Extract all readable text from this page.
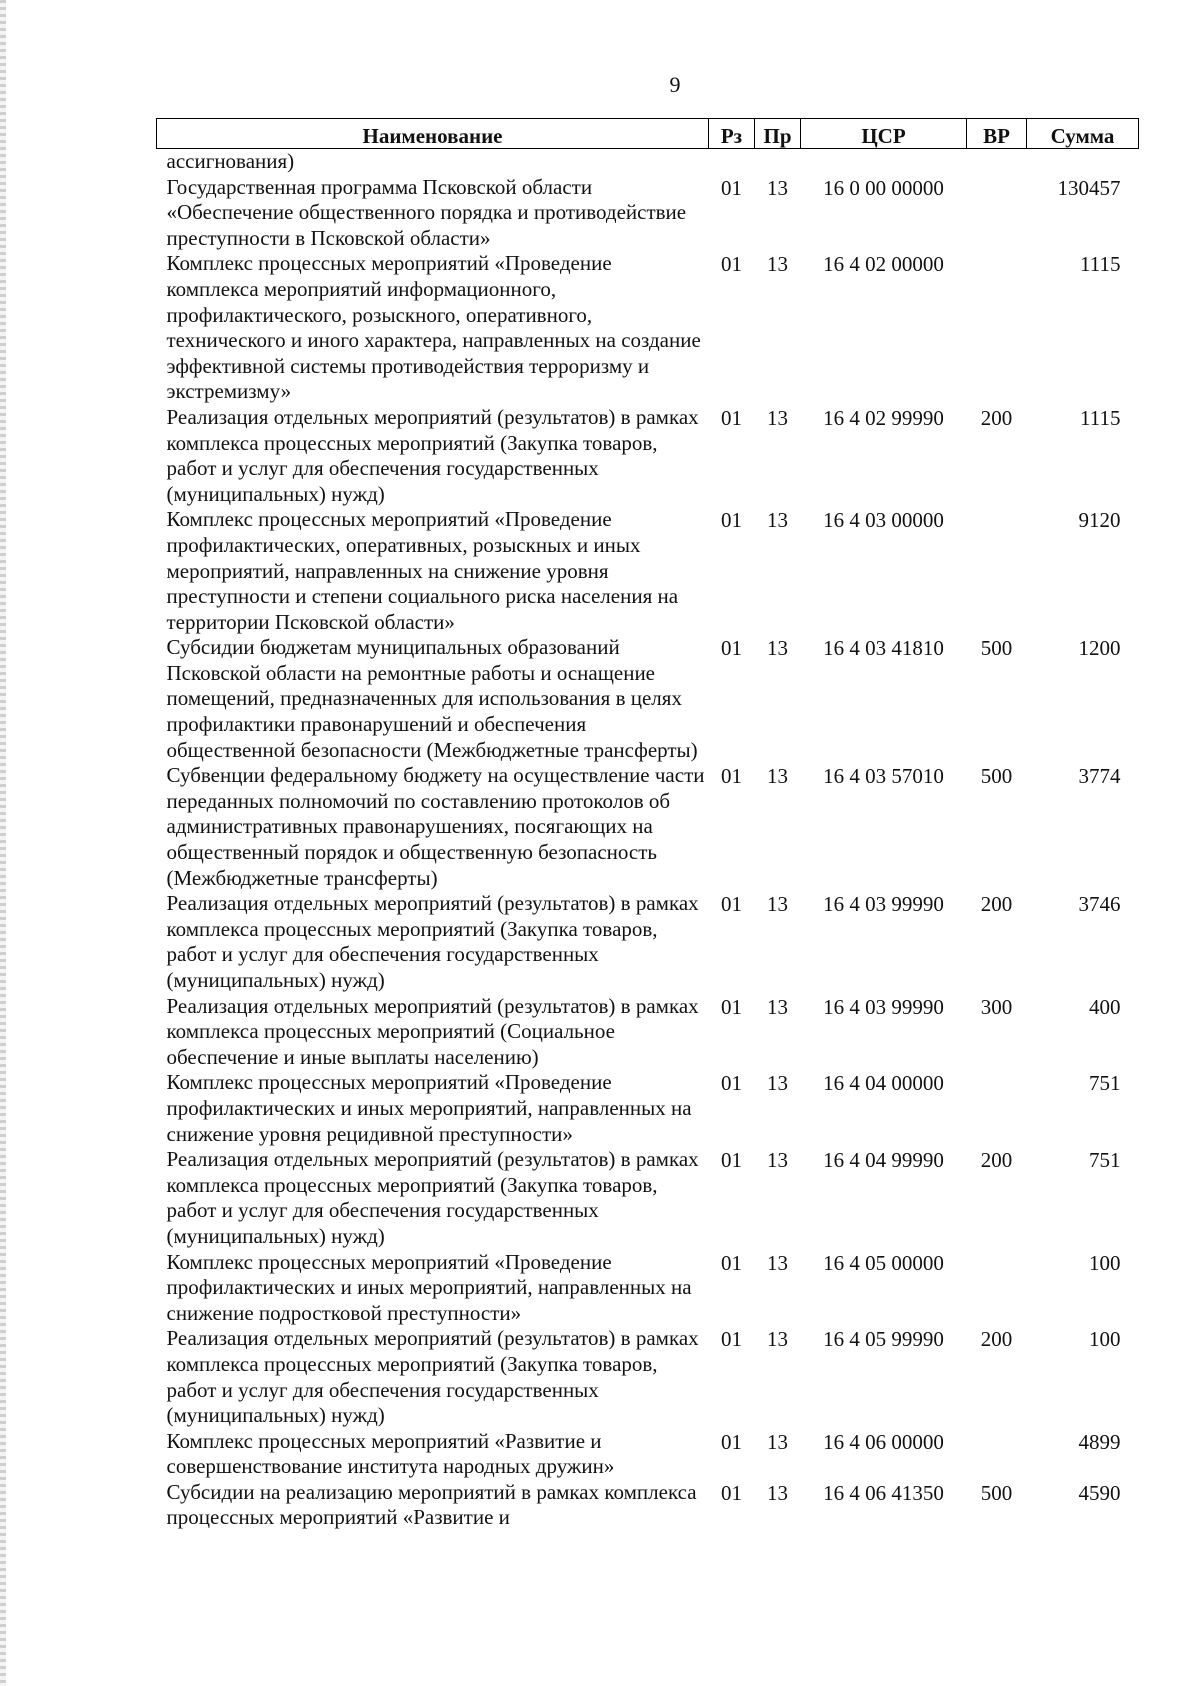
9
Наименование	Рз	Пр	ЦСР	ВР	Сумма
ассигнования)					
Государственная программа Псковской области «Обеспечение общественного порядка и противодействие преступности в Псковской области»	01	13	16 0 00 00000		130457
Комплекс процессных мероприятий «Проведение комплекса мероприятий информационного, профилактического, розыскного, оперативного, технического и иного характера, направленных на создание эффективной системы противодействия терроризму и экстремизму»	01	13	16 4 02 00000		1115
Реализация отдельных мероприятий (результатов) в рамках комплекса процессных мероприятий (Закупка товаров, работ и услуг для обеспечения государственных (муниципальных) нужд)	01	13	16 4 02 99990	200	1115
Комплекс процессных мероприятий «Проведение профилактических, оперативных, розыскных и иных мероприятий, направленных на снижение уровня преступности и степени социального риска населения на территории Псковской области»	01	13	16 4 03 00000		9120
Субсидии бюджетам муниципальных образований Псковской области на ремонтные работы и оснащение помещений, предназначенных для использования в целях профилактики правонарушений и обеспечения общественной безопасности (Межбюджетные трансферты)	01	13	16 4 03 41810	500	1200
Субвенции федеральному бюджету на осуществление части переданных полномочий по составлению протоколов об административных правонарушениях, посягающих на общественный порядок и общественную безопасность (Межбюджетные трансферты)	01	13	16 4 03 57010	500	3774
Реализация отдельных мероприятий (результатов) в рамках комплекса процессных мероприятий (Закупка товаров, работ и услуг для обеспечения государственных (муниципальных) нужд)	01	13	16 4 03 99990	200	3746
Реализация отдельных мероприятий (результатов) в рамках комплекса процессных мероприятий (Социальное обеспечение и иные выплаты населению)	01	13	16 4 03 99990	300	400
Комплекс процессных мероприятий «Проведение профилактических и иных мероприятий, направленных на снижение уровня рецидивной преступности»	01	13	16 4 04 00000		751
Реализация отдельных мероприятий (результатов) в рамках комплекса процессных мероприятий (Закупка товаров, работ и услуг для обеспечения государственных (муниципальных) нужд)	01	13	16 4 04 99990	200	751
Комплекс процессных мероприятий «Проведение профилактических и иных мероприятий, направленных на снижение подростковой преступности»	01	13	16 4 05 00000		100
Реализация отдельных мероприятий (результатов) в рамках комплекса процессных мероприятий (Закупка товаров, работ и услуг для обеспечения государственных (муниципальных) нужд)	01	13	16 4 05 99990	200	100
Комплекс процессных мероприятий «Развитие и совершенствование института народных дружин»	01	13	16 4 06 00000		4899
Субсидии на реализацию мероприятий в рамках комплекса процессных мероприятий «Развитие и	01	13	16 4 06 41350	500	4590
